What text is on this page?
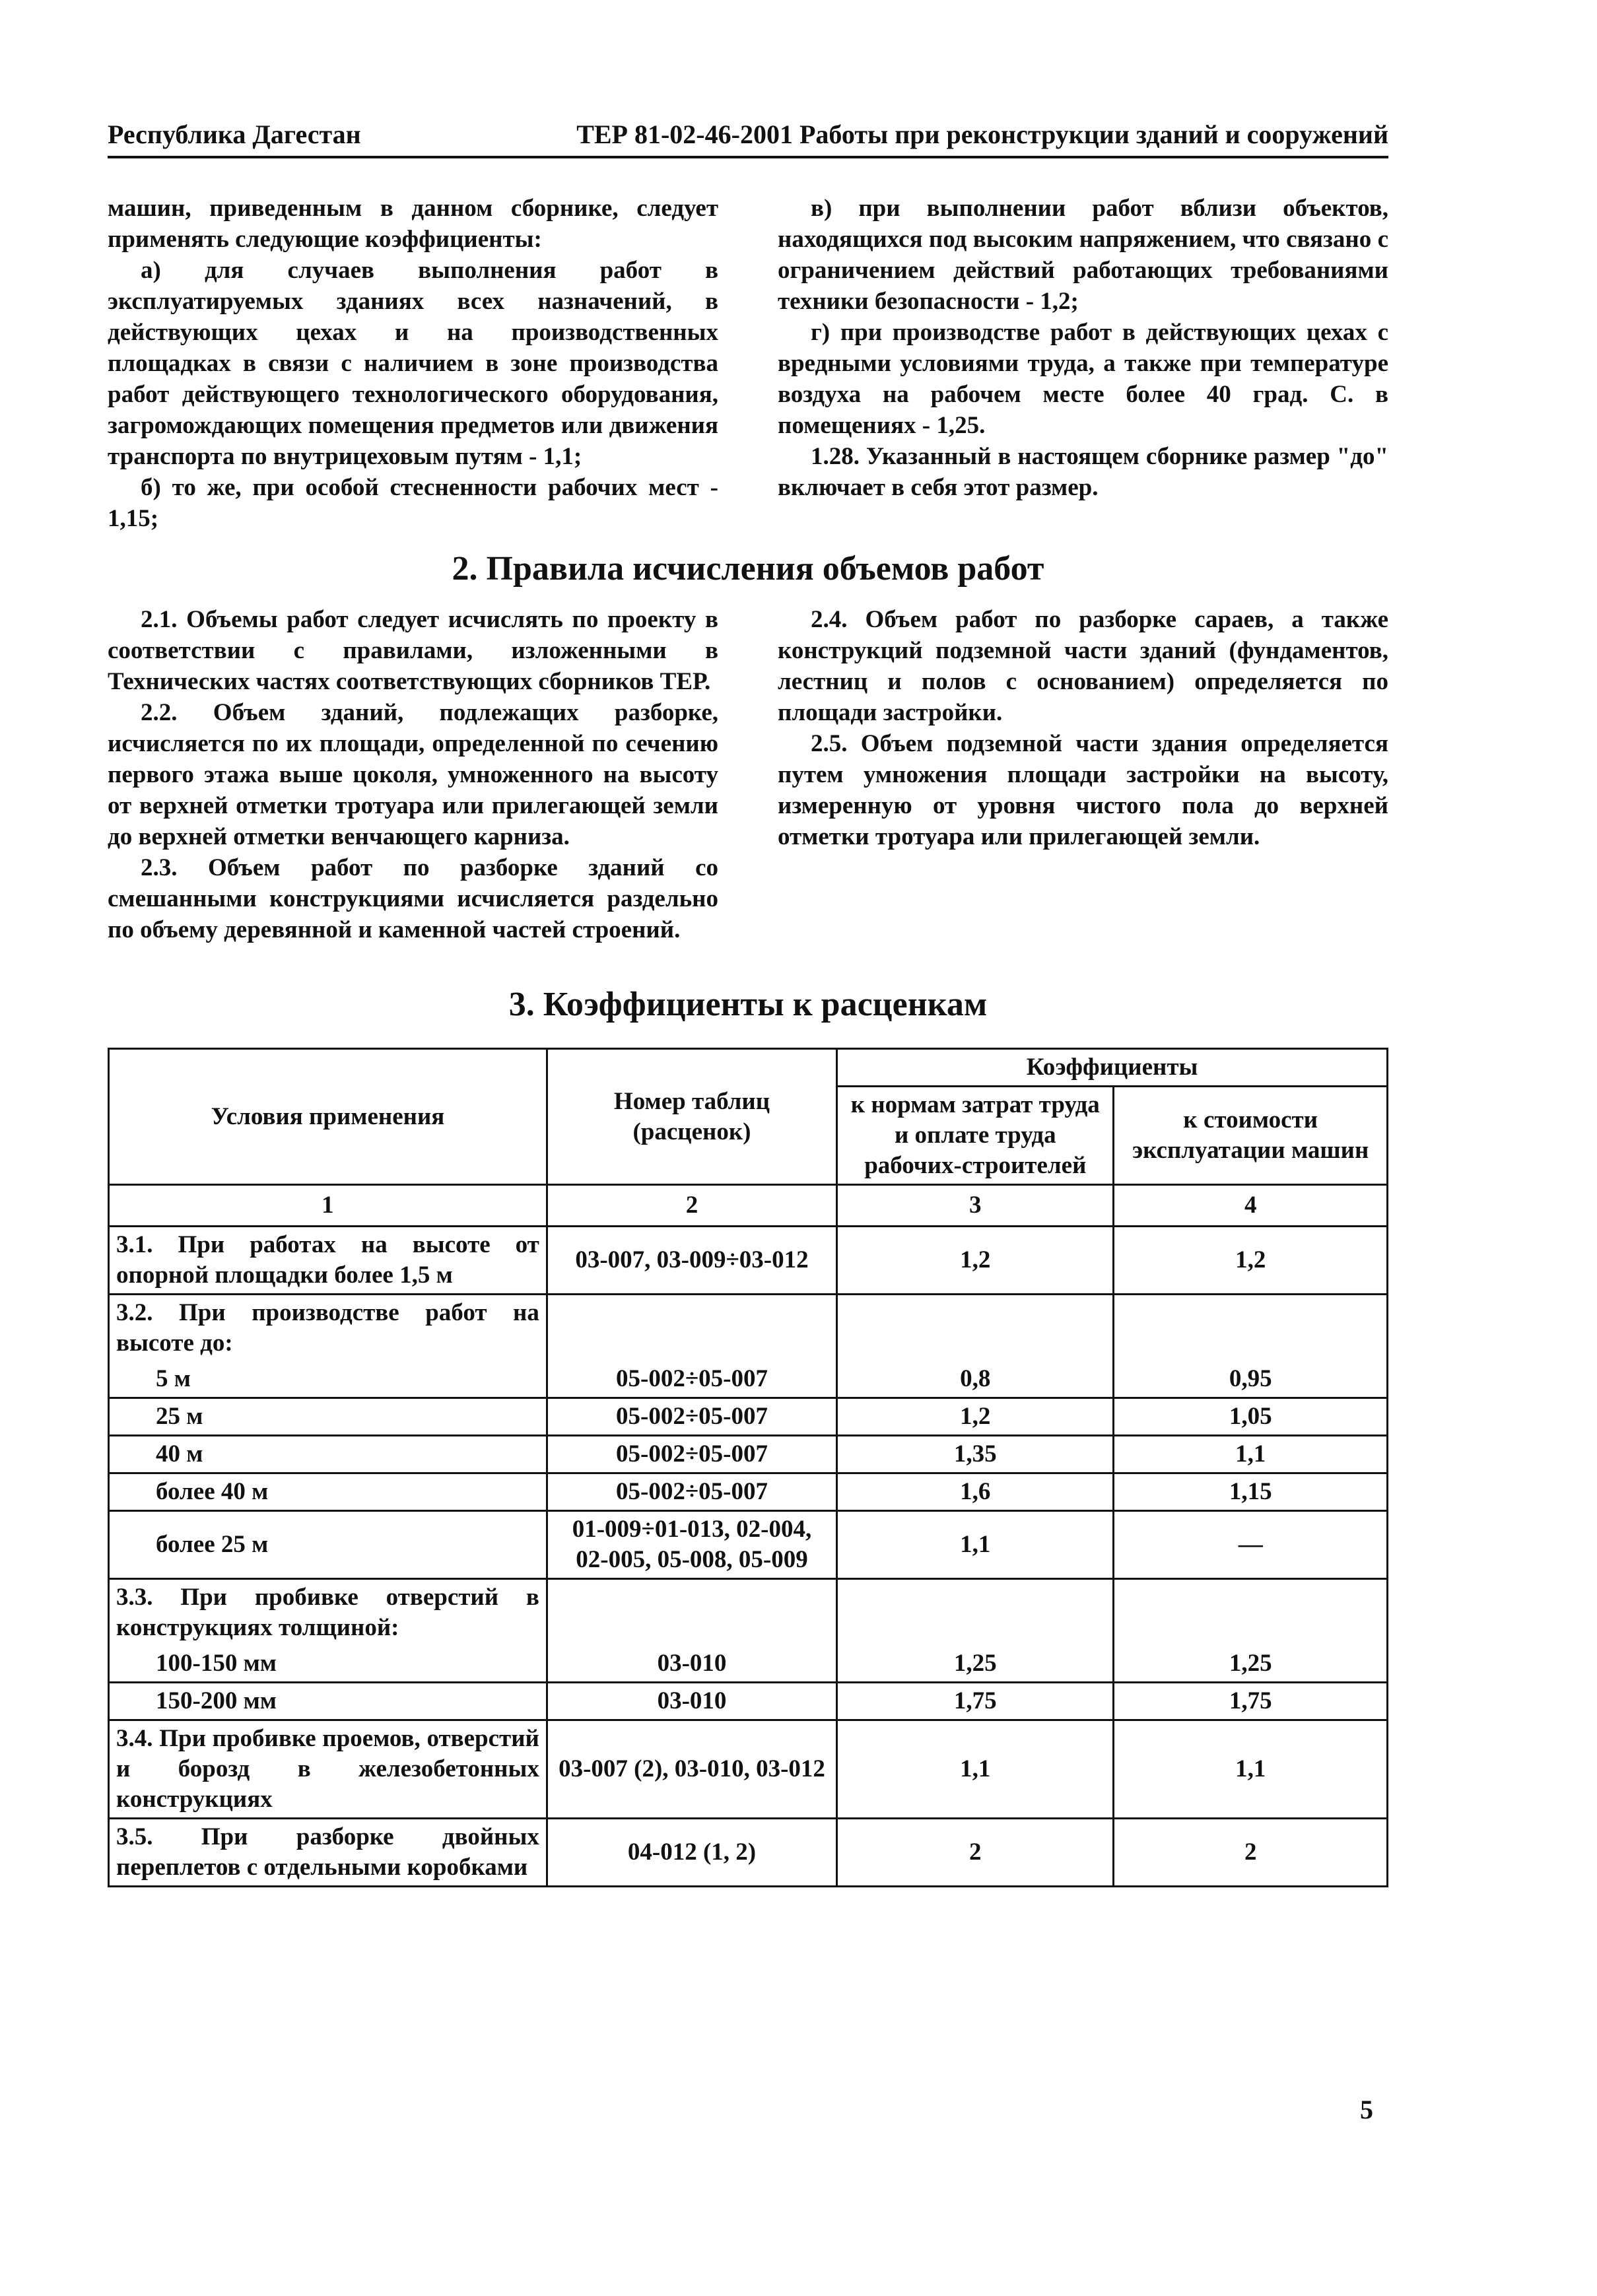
Республика Дагестан	ТЕР 81-02-46-2001 Работы при реконструкции зданий и сооружений

машин, приведенным в данном сборнике, следует применять следующие коэффициенты:

а) для случаев выполнения работ в эксплуатируемых зданиях всех назначений, в действующих цехах и на производственных площадках в связи с наличием в зоне производства работ действующего технологического оборудования, загромождающих помещения предметов или движения транспорта по внутрицеховым путям - 1,1;

б) то же, при особой стесненности рабочих мест - 1,15;

в) при выполнении работ вблизи объектов, находящихся под высоким напряжением, что связано с ограничением действий работающих требованиями техники безопасности - 1,2;

г) при производстве работ в действующих цехах с вредными условиями труда, а также при температуре воздуха на рабочем месте более 40 град. С. в помещениях - 1,25.

1.28. Указанный в настоящем сборнике размер "до" включает в себя этот размер.

2. Правила исчисления объемов работ

2.1. Объемы работ следует исчислять по проекту в соответствии с правилами, изложенными в Технических частях соответствующих сборников ТЕР.

2.2. Объем зданий, подлежащих разборке, исчисляется по их площади, определенной по сечению первого этажа выше цоколя, умноженного на высоту от верхней отметки тротуара или прилегающей земли до верхней отметки венчающего карниза.

2.3. Объем работ по разборке зданий со смешанными конструкциями исчисляется раздельно по объему деревянной и каменной частей строений.

2.4. Объем работ по разборке сараев, а также конструкций подземной части зданий (фундаментов, лестниц и полов с основанием) определяется по площади застройки.

2.5. Объем подземной части здания определяется путем умножения площади застройки на высоту, измеренную от уровня чистого пола до верхней отметки тротуара или прилегающей земли.

3. Коэффициенты к расценкам
Условия применения	Номер таблиц (расценок)	Коэффициенты	
		к нормам затрат труда и оплате труда рабочих-строителей	к стоимости эксплуатации машин
1	2	3	4
3.1. При работах на высоте от опорной площадки более 1,5 м	03-007, 03-009÷03-012	1,2	1,2
3.2. При производстве работ на высоте до:			
5 м	05-002÷05-007	0,8	0,95
25 м	05-002÷05-007	1,2	1,05
40 м	05-002÷05-007	1,35	1,1
более 40 м	05-002÷05-007	1,6	1,15
более 25 м	01-009÷01-013, 02-004, 02-005, 05-008, 05-009	1,1	—
3.3. При пробивке отверстий в конструкциях толщиной:			
100-150 мм	03-010	1,25	1,25
150-200 мм	03-010	1,75	1,75
3.4. При пробивке проемов, отверстий и борозд в железобетонных конструкциях	03-007 (2), 03-010, 03-012	1,1	1,1
3.5. При разборке двойных переплетов с отдельными коробками	04-012 (1, 2)	2	2
5
